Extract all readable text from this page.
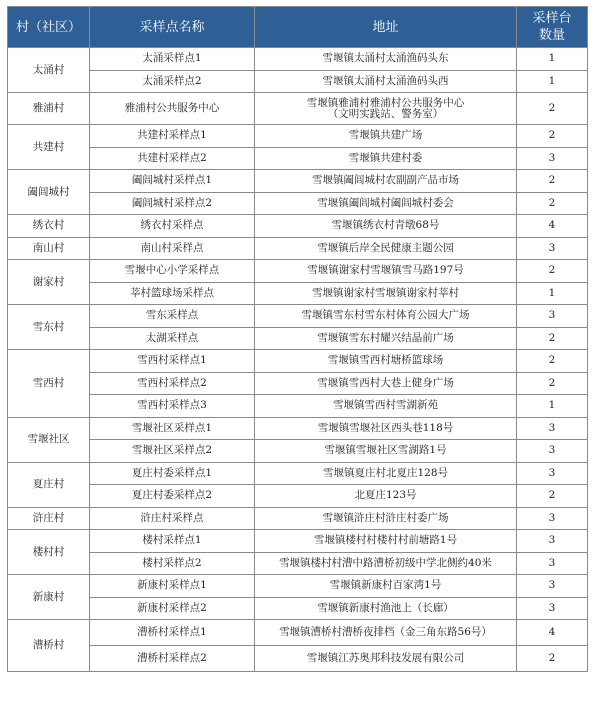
村（社区）	采样点名称	地址	采样台
数量
太涌村	太涌采样点1	雪堰镇太涌村太涌渔码头东	1
	太涌采样点2	雪堰镇太涌村太涌渔码头西	1
雅浦村	雅浦村公共服务中心	雪堰镇雅浦村雅浦村公共服务中心
（文明实践站、警务室）	2
共建村	共建村采样点1	雪堰镇共建广场	2
	共建村采样点2	雪堰镇共建村委	3
阖闾城村	阖闾城村采样点1	雪堰镇阖闾城村农副副产品市场	2
	阖闾城村采样点2	雪堰镇阖闾城村阖闾城村委会	2
绣衣村	绣衣村采样点	雪堰镇绣衣村青墩68号	4
南山村	南山村采样点	雪堰镇后岸全民健康主题公园	3
谢家村	雪堰中心小学采样点	雪堰镇谢家村雪堰镇雪马路197号	2
	莘村篮球场采样点	雪堰镇谢家村雪堰镇谢家村莘村	1
雪东村	雪东采样点	雪堰镇雪东村雪东村体育公园大广场	3
	太湖采样点	雪堰镇雪东村耀兴结晶前广场	2
雪西村	雪西村采样点1	雪堰镇雪西村塘桥篮球场	2
	雪西村采样点2	雪堰镇雪西村大巷上健身广场	2
	雪西村采样点3	雪堰镇雪西村雪湖新苑	1
雪堰社区	雪堰社区采样点1	雪堰镇雪堰社区西头巷118号	3
	雪堰社区采样点2	雪堰镇雪堰社区雪湖路1号	3
夏庄村	夏庄村委采样点1	雪堰镇夏庄村北夏庄128号	3
	夏庄村委采样点2	北夏庄123号	2
浒庄村	浒庄村采样点	雪堰镇浒庄村浒庄村委广场	3
楼村村	楼村采样点1	雪堰镇楼村村楼村村前塘路1号	3
	楼村采样点2	雪堰镇楼村村漕中路漕桥初级中学北侧约40米	3
新康村	新康村采样点1	雪堰镇新康村百家湾1号	3
	新康村采样点2	雪堰镇新康村渔池上（长廊）	3
漕桥村	漕桥村采样点1	雪堰镇漕桥村漕桥夜排档（金三角东路56号）	4
	漕桥村采样点2	雪堰镇江苏奥邦科技发展有限公司	2
